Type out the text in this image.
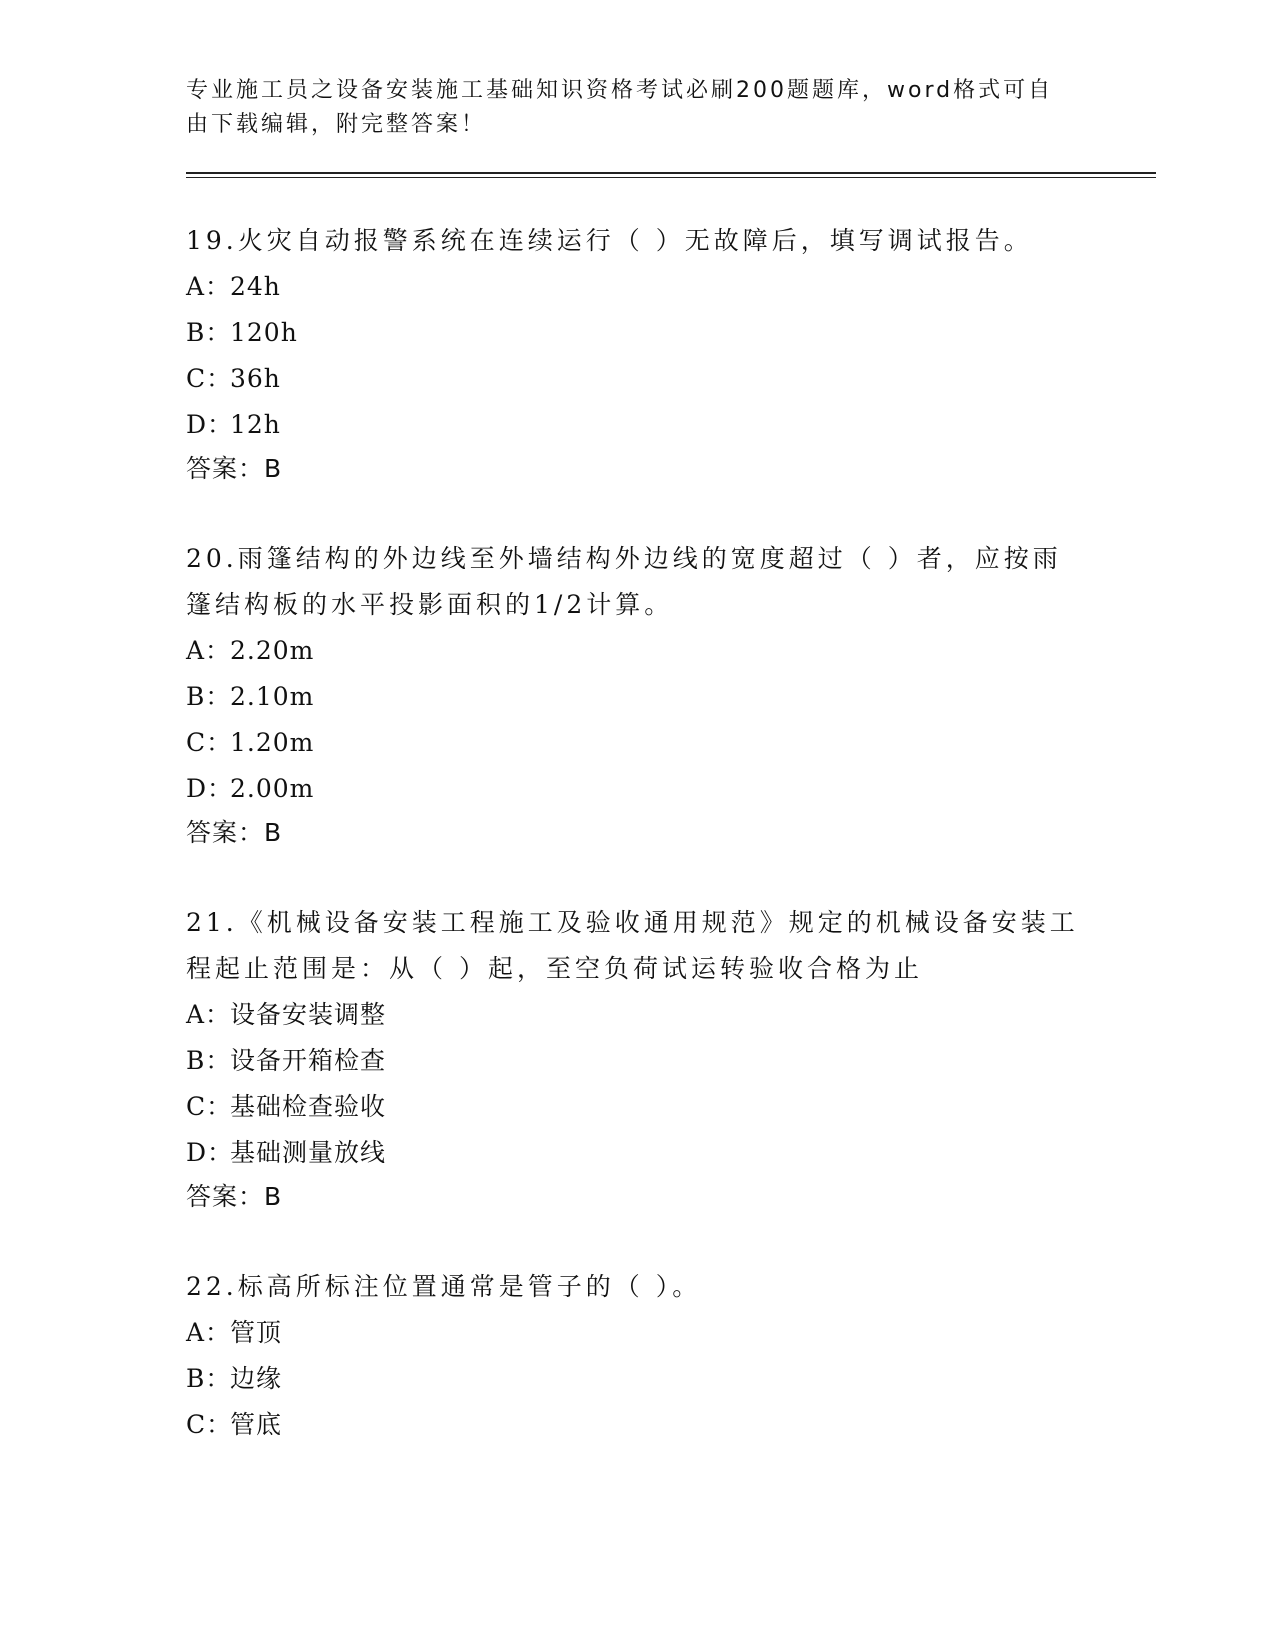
专业施工员之设备安装施工基础知识资格考试必刷200题题库，word格式可自由下载编辑，附完整答案！
19.火灾自动报警系统在连续运行（ ）无故障后，填写调试报告。
A：24h
B：120h
C：36h
D：12h
答案：B
20.雨篷结构的外边线至外墙结构外边线的宽度超过（ ）者，应按雨篷结构板的水平投影面积的1/2计算。
A：2.20m
B：2.10m
C：1.20m
D：2.00m
答案：B
21.《机械设备安装工程施工及验收通用规范》规定的机械设备安装工程起止范围是：从（ ）起，至空负荷试运转验收合格为止
A：设备安装调整
B：设备开箱检查
C：基础检查验收
D：基础测量放线
答案：B
22.标高所标注位置通常是管子的（ ）。
A：管顶
B：边缘
C：管底
